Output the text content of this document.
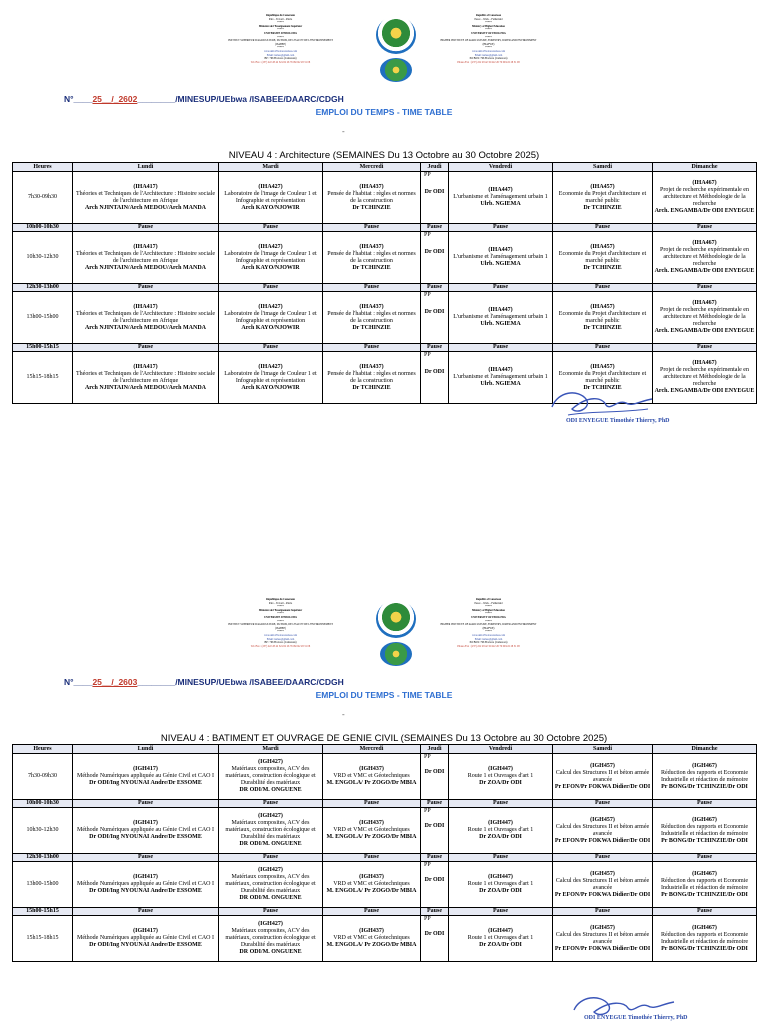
République du Cameroun
Paix – Travail – Patrie
*****
Ministère de l'Enseignement Supérieur
*****
UNIVERSITE D'EBOLOWA
*****
INSTITUT SUPERIEUR D'AGRICULTURE, DU BOIS, DE L'EAU ET DE L'ENVIRONNEMENT (ISABEE)
*****
www.univ-Ebolowa.isabee.com
Email: isabee@gmail.com
BP : 796 Ebolowa (Cameroun)
Tél./Fax : (237) 222 28 42 32/222 26 76 09/222 28 31 08
Republic of Cameroon
Peace – Work – Fatherland
*****
Ministry of Higher Education
*****
UNIVERSITY OF EBOLOWA
*****
HIGHER INSTITUTE OF AGRICULTURE, FORESTRY, WATER AND ENVIRONMENT (HIAFWE)
*****
www.univ-Ebolowa.isabee.com
Email: isabee@gmail.com
PO BOX: 796 Ebolowa (Cameroon)
Phone./Fax : (237) 222 28 42 32/222 26 76 09/222 28 31 08
N°____25__/_2602________/MINESUP/UEbwa /ISABEE/DAARC/CDGH
EMPLOI DU TEMPS - TIME TABLE
-
NIVEAU 4 : Architecture (SEMAINES Du 13 Octobre au 30 Octobre 2025)
Heures	Lundi	Mardi	Mercredi	Jeudi	Vendredi	Samedi	Dimanche
7h30-09h30	(IHA417)
Théories et Techniques de l'Architecture : Histoire sociale de l'architecture en Afrique
Arch NJINTAIN/Arch MEDOU/Arch MANDA	(IHA427)
Laboratoire de l'image de Couleur 1 et Infographie et représentation
Arch KAYO/NJOWIR	(IHA437)
Pensée de l'habitat : règles et normes de la construction
Dr TCHINZIE	PP
Dr ODI	(IHA447)
L'urbanisme et l'aménagement urbain 1
Ulrb. NGIEMA	(IHA457)
Economie du Projet d'architecture et marché public
Dr TCHINZIE	(IHA467)
Projet de recherche expérimentale en architecture et Méthodologie de la recherche
Arch. ENGAMBA/Dr ODI ENYEGUE

10h00-10h30	Pause	Pause	Pause	Pause	Pause	Pause	Pause
10h30-12h30	(IHA417)
Théories et Techniques de l'Architecture : Histoire sociale de l'architecture en Afrique
Arch NJINTAIN/Arch MEDOU/Arch MANDA	(IHA427)
Laboratoire de l'image de Couleur 1 et Infographie et représentation
Arch KAYO/NJOWIR	(IHA437)
Pensée de l'habitat : règles et normes de la construction
Dr TCHINZIE	PP
Dr ODI	(IHA447)
L'urbanisme et l'aménagement urbain 1
Ulrb. NGIEMA	(IHA457)
Economie du Projet d'architecture et marché public
Dr TCHINZIE	(IHA467)
Projet de recherche expérimentale en architecture et Méthodologie de la recherche
Arch. ENGAMBA/Dr ODI ENYEGUE

12h30-13h00	Pause	Pause	Pause	Pause	Pause	Pause	Pause
13h00-15h00	(IHA417)
Théories et Techniques de l'Architecture : Histoire sociale de l'architecture en Afrique
Arch NJINTAIN/Arch MEDOU/Arch MANDA	(IHA427)
Laboratoire de l'image de Couleur 1 et Infographie et représentation
Arch KAYO/NJOWIR	(IHA437)
Pensée de l'habitat : règles et normes de la construction
Dr TCHINZIE	PP
Dr ODI	(IHA447)
L'urbanisme et l'aménagement urbain 1
Ulrb. NGIEMA	(IHA457)
Economie du Projet d'architecture et marché public
Dr TCHINZIE	(IHA467)
Projet de recherche expérimentale en architecture et Méthodologie de la recherche
Arch. ENGAMBA/Dr ODI ENYEGUE

15h00-15h15	Pause	Pause	Pause	Pause	Pause	Pause	Pause
15h15-18h15	(IHA417)
Théories et Techniques de l'Architecture : Histoire sociale de l'architecture en Afrique
Arch NJINTAIN/Arch MEDOU/Arch MANDA	(IHA427)
Laboratoire de l'image de Couleur 1 et Infographie et représentation
Arch KAYO/NJOWIR	(IHA437)
Pensée de l'habitat : règles et normes de la construction
Dr TCHINZIE	PP
Dr ODI	(IHA447)
L'urbanisme et l'aménagement urbain 1
Ulrb. NGIEMA	(IHA457)
Economie du Projet d'architecture et marché public
Dr TCHINZIE	(IHA467)
Projet de recherche expérimentale en architecture et Méthodologie de la recherche
Arch. ENGAMBA/Dr ODI ENYEGUE
ODI ENYEGUE Timothée Thierry, PhD
République du Cameroun
Paix – Travail – Patrie
*****
Ministère de l'Enseignement Supérieur
*****
UNIVERSITE D'EBOLOWA
*****
INSTITUT SUPERIEUR D'AGRICULTURE, DU BOIS, DE L'EAU ET DE L'ENVIRONNEMENT (ISABEE)
*****
www.univ-Ebolowa.isabee.com
Email: isabee@gmail.com
BP : 796 Ebolowa (Cameroun)
Tél./Fax : (237) 222 28 42 32/222 26 76 09/222 28 31 08
Republic of Cameroon
Peace – Work – Fatherland
*****
Ministry of Higher Education
*****
UNIVERSITY OF EBOLOWA
*****
HIGHER INSTITUTE OF AGRICULTURE, FORESTRY, WATER AND ENVIRONMENT (HIAFWE)
*****
www.univ-Ebolowa.isabee.com
Email: isabee@gmail.com
PO BOX: 796 Ebolowa (Cameroon)
Phone./Fax : (237) 222 28 42 32/222 26 76 09/222 28 31 08
N°____25__/_2603________/MINESUP/UEbwa /ISABEE/DAARC/CDGH
EMPLOI DU TEMPS - TIME TABLE
-
NIVEAU 4 : BATIMENT ET OUVRAGE DE GENIE CIVIL (SEMAINES Du 13 Octobre au 30 Octobre 2025)
Heures	Lundi	Mardi	Mercredi	Jeudi	Vendredi	Samedi	Dimanche
7h30-09h30	(IGH417)
Méthode Numériques appliquée au Génie Civil et CAO I
Dr ODI/Ing NYOUNAI Andre/Dr ESSOME	(IGH427)
Matériaux composites, ACV des matériaux, construction écologique et Durabilité des matériaux
DR ODI/M. ONGUENE	(IGH437)
VRD et VMC et Géotechniques
M. ENGOLA/ Pr ZOGO/Dr MBIA	PP
Dr ODI	(IGH447)
Route 1 et Ouvrages d'art 1
Dr ZOA/Dr ODI	(IGH457)
Calcul des Structures II et béton armée avancée
Pr EFON/Pr FOKWA Didier/Dr ODI	(IGH467)
Réduction des rapports et Economie Industrielle et rédaction de mémoire
Pr BONG/Dr TCHINZIE/Dr ODI

10h00-10h30	Pause	Pause	Pause	Pause	Pause	Pause	Pause
10h30-12h30	(IGH417)
Méthode Numériques appliquée au Génie Civil et CAO I
Dr ODI/Ing NYOUNAI Andre/Dr ESSOME	(IGH427)
Matériaux composites, ACV des matériaux, construction écologique et Durabilité des matériaux
DR ODI/M. ONGUENE	(IGH437)
VRD et VMC et Géotechniques
M. ENGOLA/ Pr ZOGO/Dr MBIA	PP
Dr ODI	(IGH447)
Route 1 et Ouvrages d'art 1
Dr ZOA/Dr ODI	(IGH457)
Calcul des Structures II et béton armée avancée
Pr EFON/Pr FOKWA Didier/Dr ODI	(IGH467)
Réduction des rapports et Economie Industrielle et rédaction de mémoire
Pr BONG/Dr TCHINZIE/Dr ODI

12h30-13h00	Pause	Pause	Pause	Pause	Pause	Pause	Pause
13h00-15h00	(IGH417)
Méthode Numériques appliquée au Génie Civil et CAO I
Dr ODI/Ing NYOUNAI Andre/Dr ESSOME	(IGH427)
Matériaux composites, ACV des matériaux, construction écologique et Durabilité des matériaux
DR ODI/M. ONGUENE	(IGH437)
VRD et VMC et Géotechniques
M. ENGOLA/ Pr ZOGO/Dr MBIA	PP
Dr ODI	(IGH447)
Route 1 et Ouvrages d'art 1
Dr ZOA/Dr ODI	(IGH457)
Calcul des Structures II et béton armée avancée
Pr EFON/Pr FOKWA Didier/Dr ODI	(IGH467)
Réduction des rapports et Economie Industrielle et rédaction de mémoire
Pr BONG/Dr TCHINZIE/Dr ODI

15h00-15h15	Pause	Pause	Pause	Pause	Pause	Pause	Pause
15h15-18h15	(IGH417)
Méthode Numériques appliquée au Génie Civil et CAO I
Dr ODI/Ing NYOUNAI Andre/Dr ESSOME	(IGH427)
Matériaux composites, ACV des matériaux, construction écologique et Durabilité des matériaux
DR ODI/M. ONGUENE	(IGH437)
VRD et VMC et Géotechniques
M. ENGOLA/ Pr ZOGO/Dr MBIA	PP
Dr ODI	(IGH447)
Route 1 et Ouvrages d'art 1
Dr ZOA/Dr ODI	(IGH457)
Calcul des Structures II et béton armée avancée
Pr EFON/Pr FOKWA Didier/Dr ODI	(IGH467)
Réduction des rapports et Economie Industrielle et rédaction de mémoire
Pr BONG/Dr TCHINZIE/Dr ODI
ODI ENYEGUE Timothée Thierry, PhD
